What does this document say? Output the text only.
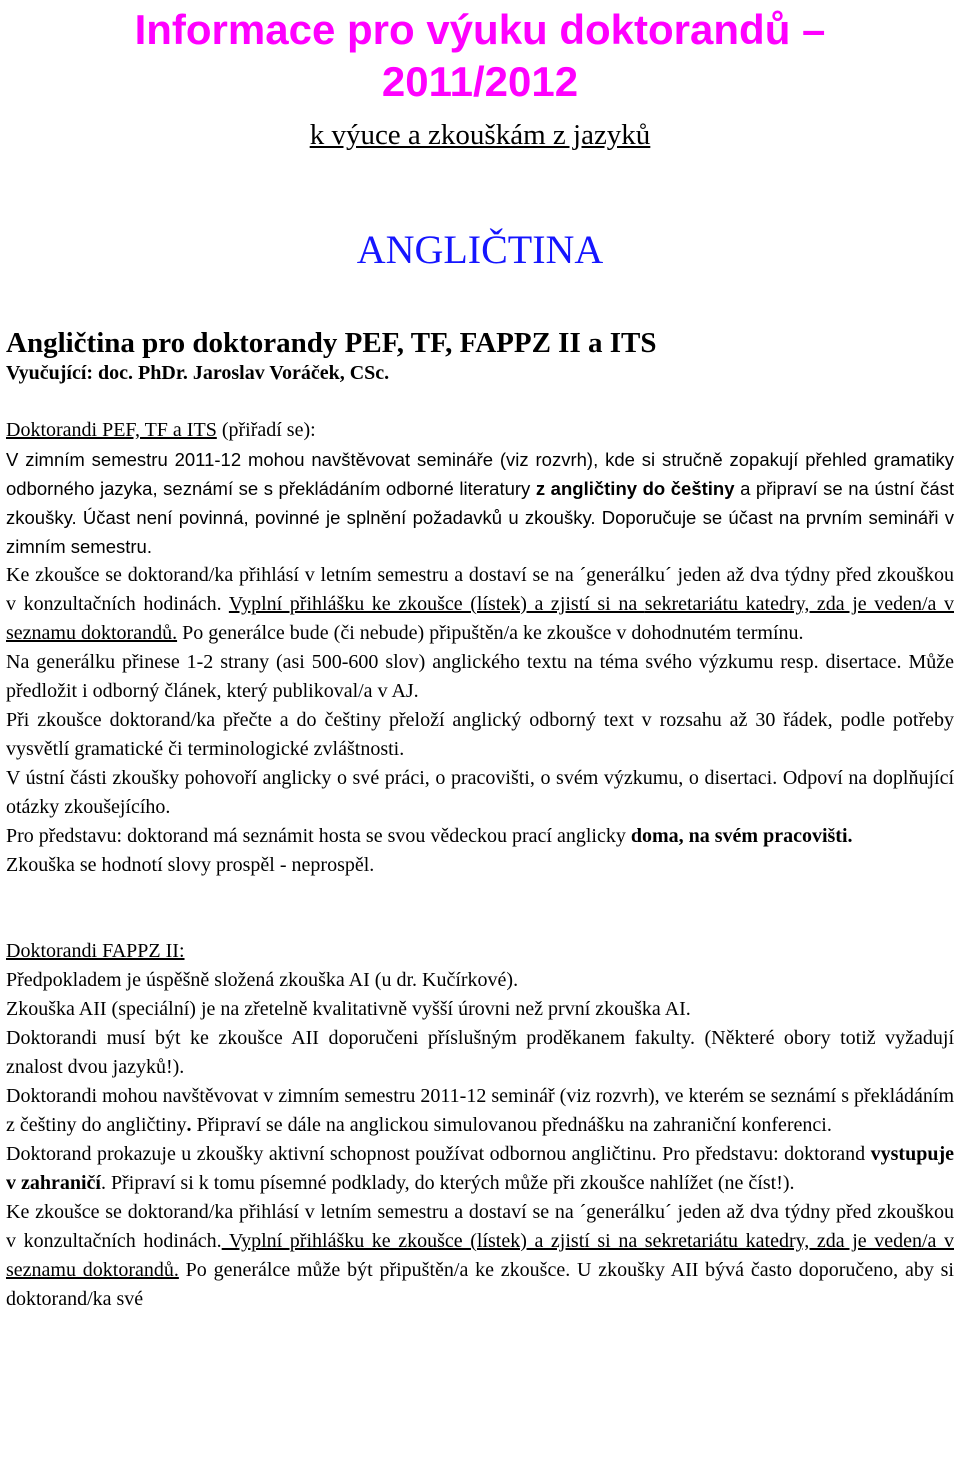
Informace pro výuku doktorandů –
2011/2012
k výuce a zkouškám z jazyků
ANGLIČTINA
Angličtina pro doktorandy PEF, TF, FAPPZ II a ITS
Vyučující: doc. PhDr. Jaroslav Voráček, CSc.

Doktorandi PEF, TF a ITS (přiřadí se):

V zimním semestru 2011-12 mohou navštěvovat semináře (viz rozvrh), kde si stručně zopakují přehled gramatiky odborného jazyka, seznámí se s překládáním odborné literatury z angličtiny do češtiny a připraví se na ústní část zkoušky. Účast není povinná, povinné je splnění požadavků u zkoušky. Doporučuje se účast na prvním semináři v zimním semestru.

Ke zkoušce se doktorand/ka přihlásí v letním semestru a dostaví se na ´generálku´ jeden až dva týdny před zkouškou v konzultačních hodinách. Vyplní přihlášku ke zkoušce (lístek) a zjistí si na sekretariátu katedry, zda je veden/a v seznamu doktorandů. Po generálce bude (či nebude) připuštěn/a ke zkoušce v dohodnutém termínu.

Na generálku přinese 1-2 strany (asi 500-600 slov) anglického textu na téma svého výzkumu resp. disertace. Může předložit i odborný článek, který publikoval/a v AJ.

Při zkoušce doktorand/ka přečte a do češtiny přeloží anglický odborný text v rozsahu až 30 řádek, podle potřeby vysvětlí gramatické či terminologické zvláštnosti.

V ústní části zkoušky pohovoří anglicky o své práci, o pracovišti, o svém výzkumu, o disertaci. Odpoví na doplňující otázky zkoušejícího.

Pro představu: doktorand má seznámit hosta se svou vědeckou prací anglicky doma, na svém pracovišti.

Zkouška se hodnotí slovy prospěl - neprospěl.

Doktorandi FAPPZ II:

Předpokladem je úspěšně složená zkouška AI (u dr. Kučírkové).

Zkouška AII (speciální) je na zřetelně kvalitativně vyšší úrovni než první zkouška AI.

Doktorandi musí být ke zkoušce AII doporučeni příslušným proděkanem fakulty. (Některé obory totiž vyžadují znalost dvou jazyků!).

Doktorandi mohou navštěvovat v zimním semestru 2011-12 seminář (viz rozvrh), ve kterém se seznámí s překládáním z češtiny do angličtiny. Připraví se dále na anglickou simulovanou přednášku na zahraniční konferenci.

Doktorand prokazuje u zkoušky aktivní schopnost používat odbornou angličtinu. Pro představu: doktorand vystupuje v zahraničí. Připraví si k tomu písemné podklady, do kterých může při zkoušce nahlížet (ne číst!).

Ke zkoušce se doktorand/ka přihlásí v letním semestru a dostaví se na ´generálku´ jeden až dva týdny před zkouškou v konzultačních hodinách. Vyplní přihlášku ke zkoušce (lístek) a zjistí si na sekretariátu katedry, zda je veden/a v seznamu doktorandů. Po generálce může být připuštěn/a ke zkoušce. U zkoušky AII bývá často doporučeno, aby si doktorand/ka své
